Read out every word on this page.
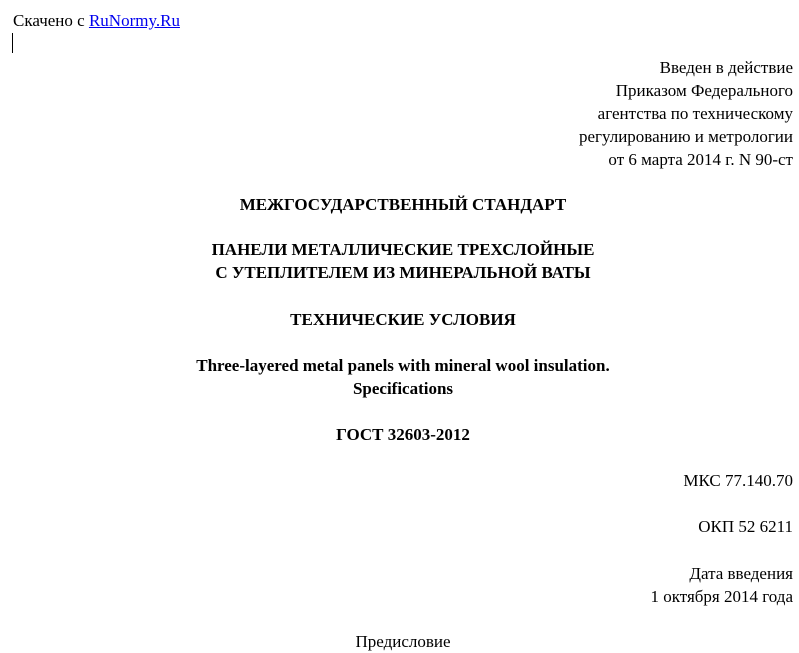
Скачено с RuNormy.Ru
Введен в действие
Приказом Федерального
агентства по техническому
регулированию и метрологии
от 6 марта 2014 г. N 90-ст
МЕЖГОСУДАРСТВЕННЫЙ СТАНДАРТ
ПАНЕЛИ МЕТАЛЛИЧЕСКИЕ ТРЕХСЛОЙНЫЕ
С УТЕПЛИТЕЛЕМ ИЗ МИНЕРАЛЬНОЙ ВАТЫ
ТЕХНИЧЕСКИЕ УСЛОВИЯ
Three-layered metal panels with mineral wool insulation.
Specifications
ГОСТ 32603-2012
МКС 77.140.70
ОКП 52 6211
Дата введения
1 октября 2014 года
Предисловие
